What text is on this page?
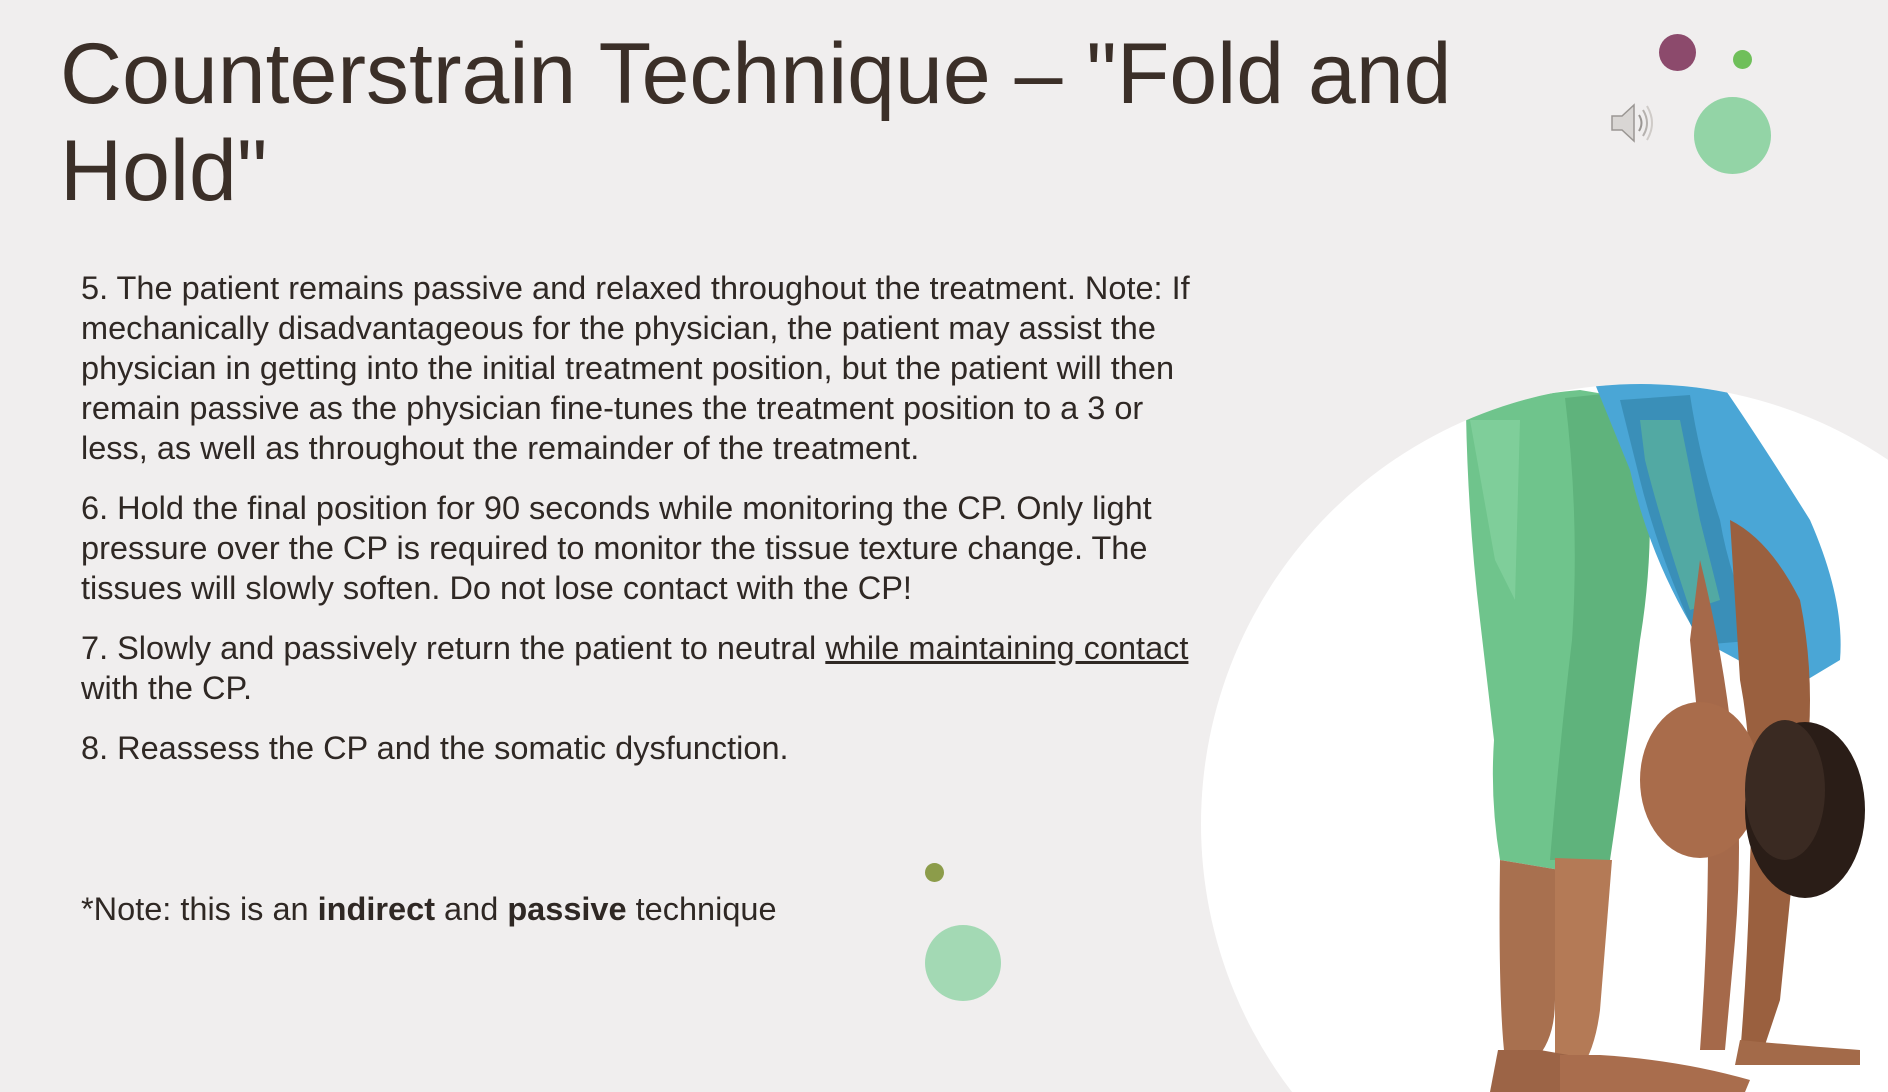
Counterstrain Technique – "Fold and Hold"

5. The patient remains passive and relaxed throughout the treatment. Note: If mechanically disadvantageous for the physician, the patient may assist the physician in getting into the initial treatment position, but the patient will then remain passive as the physician fine-tunes the treatment position to a 3 or less, as well as throughout the remainder of the treatment.

6. Hold the final position for 90 seconds while monitoring the CP. Only light pressure over the CP is required to monitor the tissue texture change. The tissues will slowly soften. Do not lose contact with the CP!

7. Slowly and passively return the patient to neutral while maintaining contact with the CP.

8. Reassess the CP and the somatic dysfunction.

*Note: this is an indirect and passive technique
